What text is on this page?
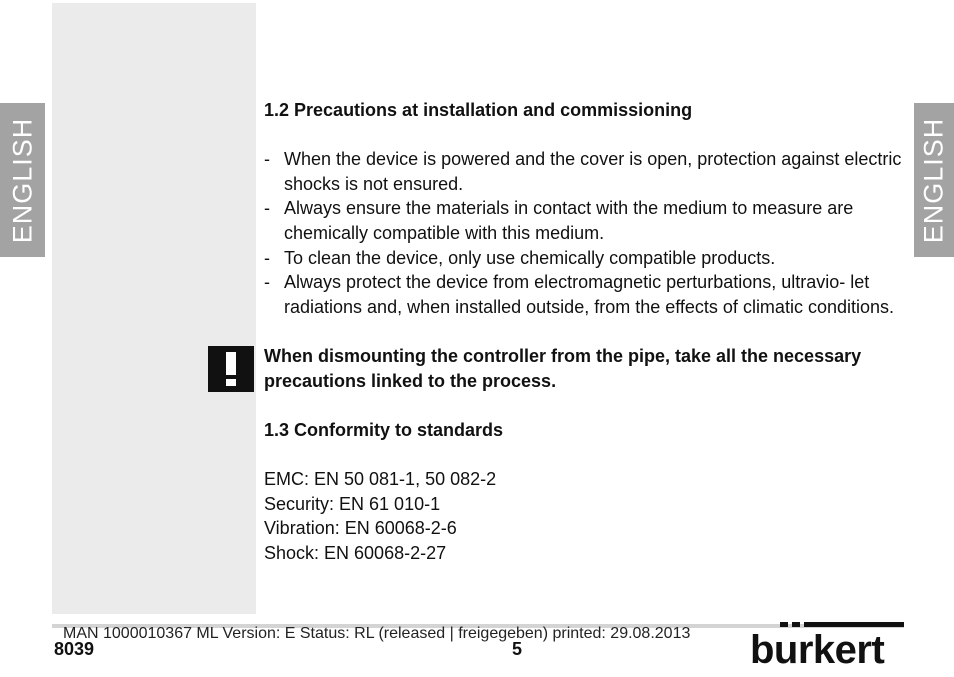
ENGLISH	ENGLISH
1.2 Precautions at installation and commissioning
- When the device is powered and the cover is open, protection against electric shocks is not ensured.
- Always ensure the materials in contact with the medium to measure are chemically compatible with this medium.
- To clean the device, only use chemically compatible products.
- Always protect the device from electromagnetic perturbations, ultravio- let radiations and, when installed outside, from the effects of climatic conditions.
When dismounting the controller from the pipe, take all the necessary precautions linked to the process.
1.3 Conformity to standards
EMC: EN 50 081-1, 50 082-2
Security: EN 61 010-1
Vibration: EN 60068-2-6
Shock: EN 60068-2-27
MAN 1000010367 ML Version: E Status: RL (released | freigegeben) printed: 29.08.2013
8039	5	burkert
